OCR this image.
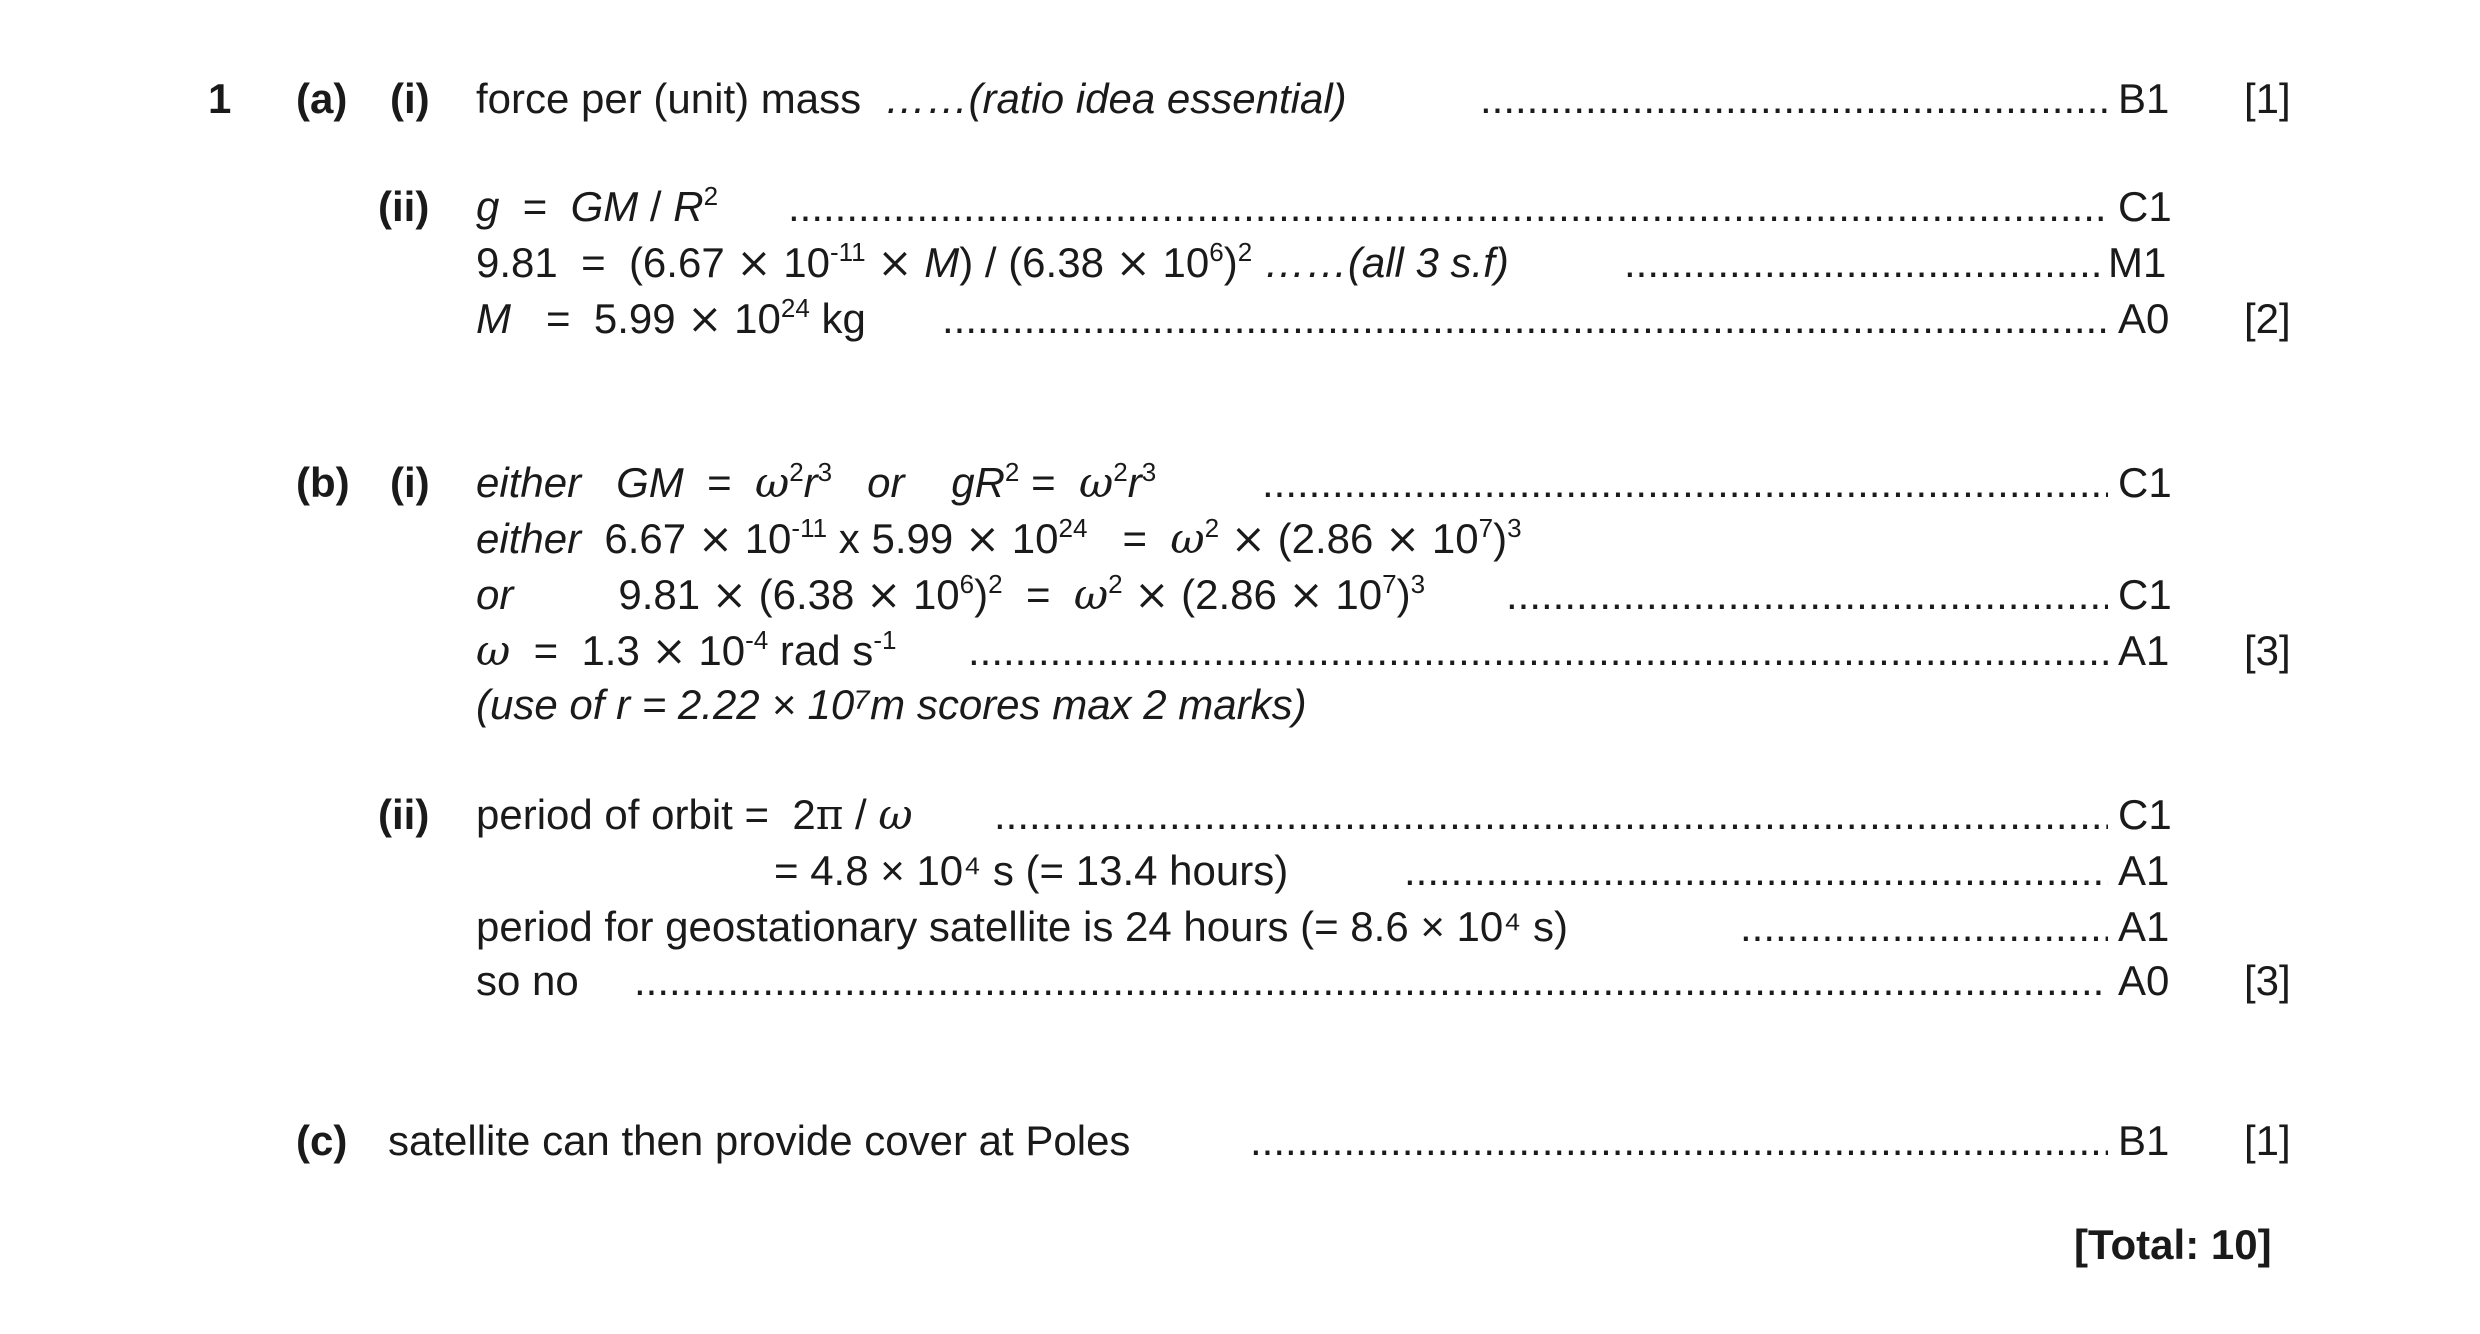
1 (a) (i) force per (unit) mass ……(ratio idea essential) .....	B1 [1]
(ii) g  =  GM / $R^2$ .....	C1
$9.81 = (6.67 \times 10^{-11} \times M) / (6.38 \times 10^6)^2$ ……(all 3 s.f) .....	M1
$M = 5.99 \times 10^{24}$ kg .....	A0 [2]
(b) (i) either GM  =  $\omega^2r^3$ or $gR^2 = \omega^2r^3$ .....	C1
either  $6.67 \times 10^{-11}$ x $5.99 \times 10^{24} = \omega^2 \times (2.86 \times 10^7)^3$
or         $9.81 \times (6.38 \times 10^6)^2 = \omega^2 \times (2.86 \times 10^7)^3$ .....	C1
$\omega = 1.3 \times 10^{-4}$ rad $s^{-1}$ .....	A1 [3]
(use of r = 2.22 × 10⁷m scores max 2 marks)
(ii) period of orbit =  2π / ω .....	C1
= 4.8 × 10⁴ s (= 13.4 hours) .....	A1
period for geostationary satellite is 24 hours (= 8.6 × 10⁴ s) .....	A1
so no .....	A0 [3]
(c) satellite can then provide cover at Poles .....	B1 [1]
[Total: 10]
